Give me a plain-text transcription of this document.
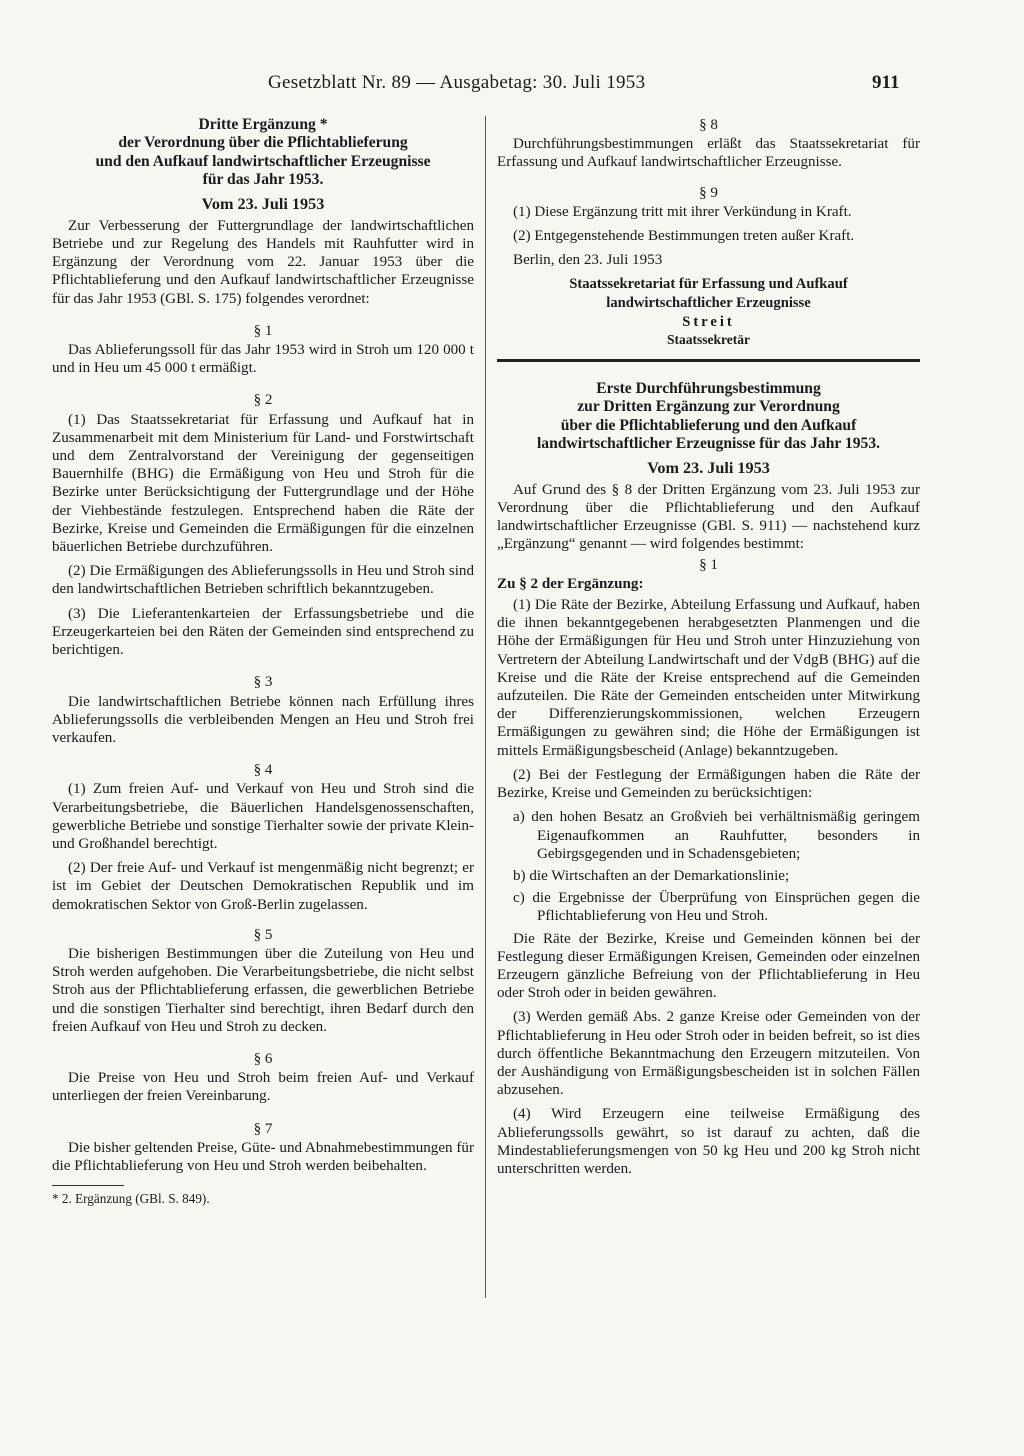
Gesetzblatt Nr. 89 — Ausgabetag: 30. Juli 1953	911
Dritte Ergänzung *
der Verordnung über die Pflichtablieferung
und den Aufkauf landwirtschaftlicher Erzeugnisse
für das Jahr 1953.
Vom 23. Juli 1953

Zur Verbesserung der Futtergrundlage der landwirtschaftlichen Betriebe und zur Regelung des Handels mit Rauhfutter wird in Ergänzung der Verordnung vom 22. Januar 1953 über die Pflichtablieferung und den Aufkauf landwirtschaftlicher Erzeugnisse für das Jahr 1953 (GBl. S. 175) folgendes verordnet:

§ 1

Das Ablieferungssoll für das Jahr 1953 wird in Stroh um 120 000 t und in Heu um 45 000 t ermäßigt.

§ 2

(1) Das Staatssekretariat für Erfassung und Aufkauf hat in Zusammenarbeit mit dem Ministerium für Land- und Forstwirtschaft und dem Zentralvorstand der Vereinigung der gegenseitigen Bauernhilfe (BHG) die Ermäßigung von Heu und Stroh für die Bezirke unter Berücksichtigung der Futtergrundlage und der Höhe der Viehbestände festzulegen. Entsprechend haben die Räte der Bezirke, Kreise und Gemeinden die Ermäßigungen für die einzelnen bäuerlichen Betriebe durchzuführen.

(2) Die Ermäßigungen des Ablieferungssolls in Heu und Stroh sind den landwirtschaftlichen Betrieben schriftlich bekanntzugeben.

(3) Die Lieferantenkarteien der Erfassungsbetriebe und die Erzeugerkarteien bei den Räten der Gemeinden sind entsprechend zu berichtigen.

§ 3

Die landwirtschaftlichen Betriebe können nach Erfüllung ihres Ablieferungssolls die verbleibenden Mengen an Heu und Stroh frei verkaufen.

§ 4

(1) Zum freien Auf- und Verkauf von Heu und Stroh sind die Verarbeitungsbetriebe, die Bäuerlichen Handelsgenossenschaften, gewerbliche Betriebe und sonstige Tierhalter sowie der private Klein- und Großhandel berechtigt.

(2) Der freie Auf- und Verkauf ist mengenmäßig nicht begrenzt; er ist im Gebiet der Deutschen Demokratischen Republik und im demokratischen Sektor von Groß-Berlin zugelassen.

§ 5

Die bisherigen Bestimmungen über die Zuteilung von Heu und Stroh werden aufgehoben. Die Verarbeitungsbetriebe, die nicht selbst Stroh aus der Pflichtablieferung erfassen, die gewerblichen Betriebe und die sonstigen Tierhalter sind berechtigt, ihren Bedarf durch den freien Aufkauf von Heu und Stroh zu decken.

§ 6

Die Preise von Heu und Stroh beim freien Auf- und Verkauf unterliegen der freien Vereinbarung.

§ 7

Die bisher geltenden Preise, Güte- und Abnahmebestimmungen für die Pflichtablieferung von Heu und Stroh werden beibehalten.

* 2. Ergänzung (GBl. S. 849).
§ 8

Durchführungsbestimmungen erläßt das Staatssekretariat für Erfassung und Aufkauf landwirtschaftlicher Erzeugnisse.

§ 9

(1) Diese Ergänzung tritt mit ihrer Verkündung in Kraft.

(2) Entgegenstehende Bestimmungen treten außer Kraft.

Berlin, den 23. Juli 1953

Staatssekretariat für Erfassung und Aufkauf
landwirtschaftlicher Erzeugnisse
Streit
Staatssekretär
Erste Durchführungsbestimmung
zur Dritten Ergänzung zur Verordnung
über die Pflichtablieferung und den Aufkauf
landwirtschaftlicher Erzeugnisse für das Jahr 1953.
Vom 23. Juli 1953

Auf Grund des § 8 der Dritten Ergänzung vom 23. Juli 1953 zur Verordnung über die Pflichtablieferung und den Aufkauf landwirtschaftlicher Erzeugnisse (GBl. S. 911) — nachstehend kurz „Ergänzung“ genannt — wird folgendes bestimmt:

§ 1
Zu § 2 der Ergänzung:

(1) Die Räte der Bezirke, Abteilung Erfassung und Aufkauf, haben die ihnen bekanntgegebenen herabgesetzten Planmengen und die Höhe der Ermäßigungen für Heu und Stroh unter Hinzuziehung von Vertretern der Abteilung Landwirtschaft und der VdgB (BHG) auf die Kreise und die Räte der Kreise entsprechend auf die Gemeinden aufzuteilen. Die Räte der Gemeinden entscheiden unter Mitwirkung der Differenzierungskommissionen, welchen Erzeugern Ermäßigungen zu gewähren sind; die Höhe der Ermäßigungen ist mittels Ermäßigungsbescheid (Anlage) bekanntzugeben.

(2) Bei der Festlegung der Ermäßigungen haben die Räte der Bezirke, Kreise und Gemeinden zu berücksichtigen:

a) den hohen Besatz an Großvieh bei verhältnismäßig geringem Eigenaufkommen an Rauhfutter, besonders in Gebirgsgegenden und in Schadensgebieten;

b) die Wirtschaften an der Demarkationslinie;

c) die Ergebnisse der Überprüfung von Einsprüchen gegen die Pflichtablieferung von Heu und Stroh.

Die Räte der Bezirke, Kreise und Gemeinden können bei der Festlegung dieser Ermäßigungen Kreisen, Gemeinden oder einzelnen Erzeugern gänzliche Befreiung von der Pflichtablieferung in Heu oder Stroh oder in beiden gewähren.

(3) Werden gemäß Abs. 2 ganze Kreise oder Gemeinden von der Pflichtablieferung in Heu oder Stroh oder in beiden befreit, so ist dies durch öffentliche Bekanntmachung den Erzeugern mitzuteilen. Von der Aushändigung von Ermäßigungsbescheiden ist in solchen Fällen abzusehen.

(4) Wird Erzeugern eine teilweise Ermäßigung des Ablieferungssolls gewährt, so ist darauf zu achten, daß die Mindestablieferungsmengen von 50 kg Heu und 200 kg Stroh nicht unterschritten werden.
